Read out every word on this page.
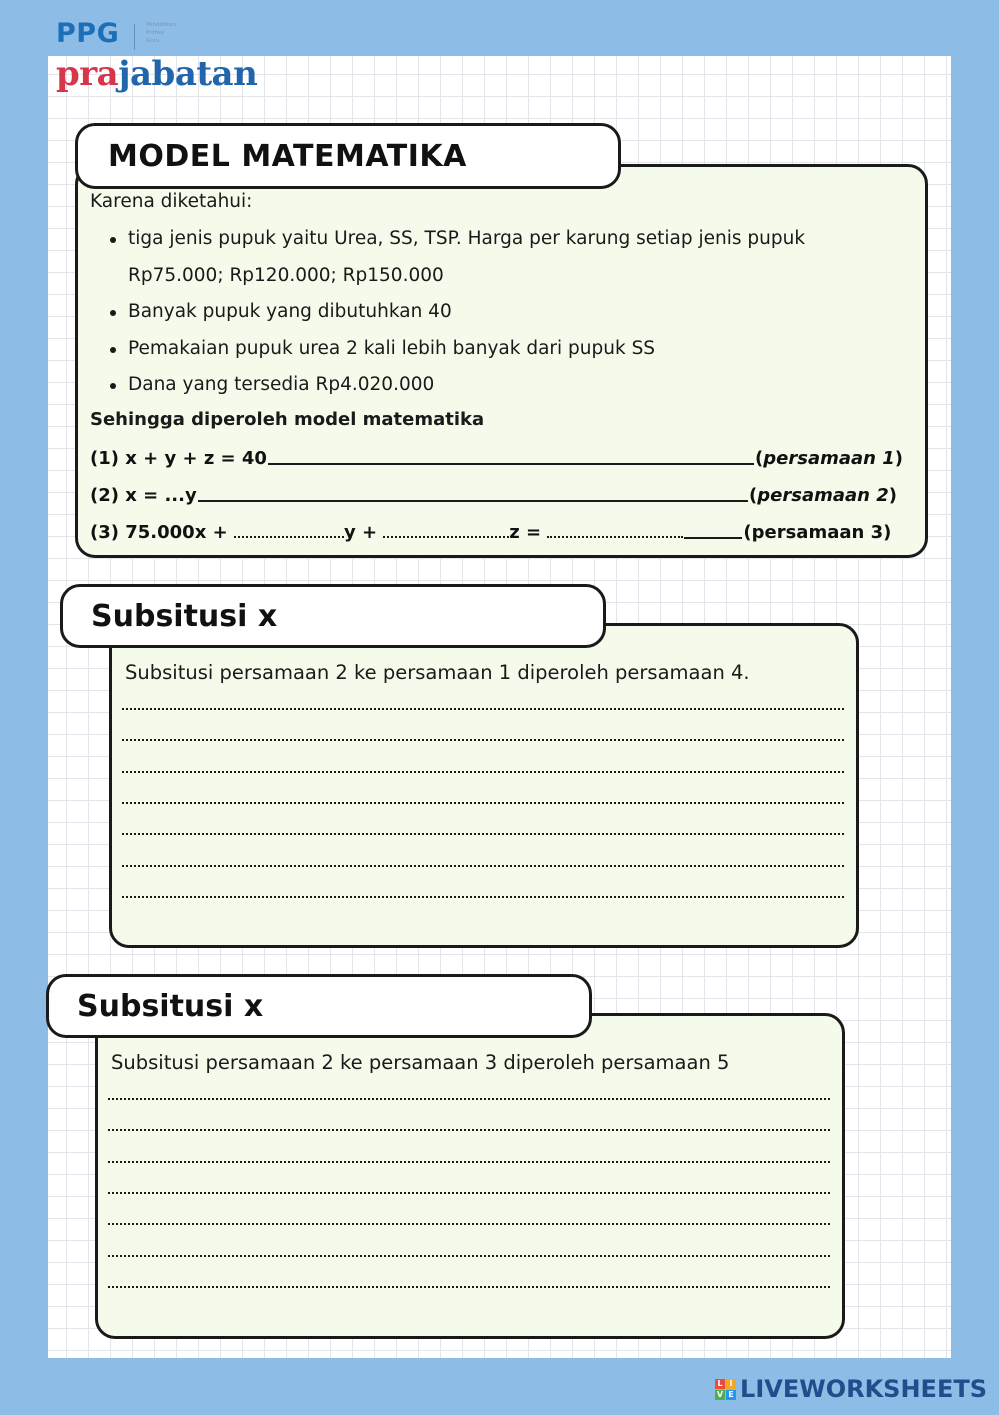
PPG	Pendidikan
Profesi
Guru
prajabatan
MODEL MATEMATIKA
Karena diketahui:
tiga jenis pupuk yaitu Urea, SS, TSP. Harga per karung setiap jenis pupuk
Rp75.000; Rp120.000; Rp150.000
Banyak pupuk yang dibutuhkan 40
Pemakaian pupuk urea 2 kali lebih banyak dari pupuk SS
Dana yang tersedia Rp4.020.000
Sehingga diperoleh model matematika
(1) x + y + z = 40	(persamaan 1)
(2) x = ...y	(persamaan 2)
(3) 75.000x +	y +	z =	(persamaan 3)
Subsitusi x
Subsitusi persamaan 2 ke persamaan 1 diperoleh persamaan 4.
Subsitusi x
Subsitusi persamaan 2 ke persamaan 3 diperoleh persamaan 5
L I
V E LIVEWORKSHEETS
